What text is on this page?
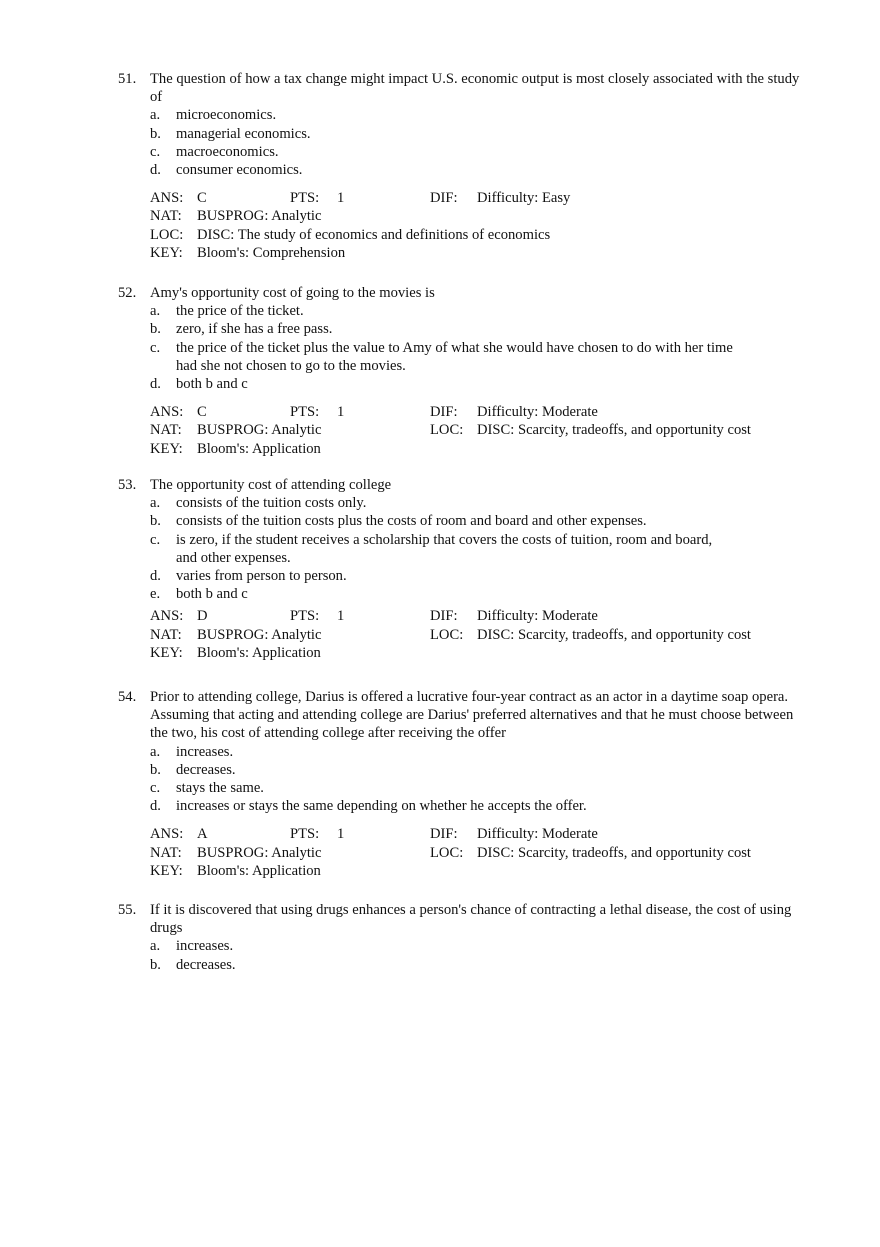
51. The question of how a tax change might impact U.S. economic output is most closely associated with the study of
a.	microeconomics.
b.	managerial economics.
c.	macroeconomics.
d.	consumer economics.
ANS: C	PTS: 1	DIF: Difficulty: Easy
NAT: BUSPROG: Analytic
LOC: DISC: The study of economics and definitions of economics
KEY: Bloom's: Comprehension
52. Amy's opportunity cost of going to the movies is
a.	the price of the ticket.
b.	zero, if she has a free pass.
c.	the price of the ticket plus the value to Amy of what she would have chosen to do with her time had she not chosen to go to the movies.
d.	both b and c
ANS: C	PTS: 1	DIF: Difficulty: Moderate
NAT: BUSPROG: Analytic	LOC: DISC: Scarcity, tradeoffs, and opportunity cost
KEY: Bloom's: Application
53. The opportunity cost of attending college
a.	consists of the tuition costs only.
b.	consists of the tuition costs plus the costs of room and board and other expenses.
c.	is zero, if the student receives a scholarship that covers the costs of tuition, room and board, and other expenses.
d.	varies from person to person.
e.	both b and c
ANS: D	PTS: 1	DIF: Difficulty: Moderate
NAT: BUSPROG: Analytic	LOC: DISC: Scarcity, tradeoffs, and opportunity cost
KEY: Bloom's: Application
54. Prior to attending college, Darius is offered a lucrative four-year contract as an actor in a daytime soap opera. Assuming that acting and attending college are Darius' preferred alternatives and that he must choose between the two, his cost of attending college after receiving the offer
a.	increases.
b.	decreases.
c.	stays the same.
d.	increases or stays the same depending on whether he accepts the offer.
ANS: A	PTS: 1	DIF: Difficulty: Moderate
NAT: BUSPROG: Analytic	LOC: DISC: Scarcity, tradeoffs, and opportunity cost
KEY: Bloom's: Application
55. If it is discovered that using drugs enhances a person's chance of contracting a lethal disease, the cost of using drugs
a.	increases.
b.	decreases.
